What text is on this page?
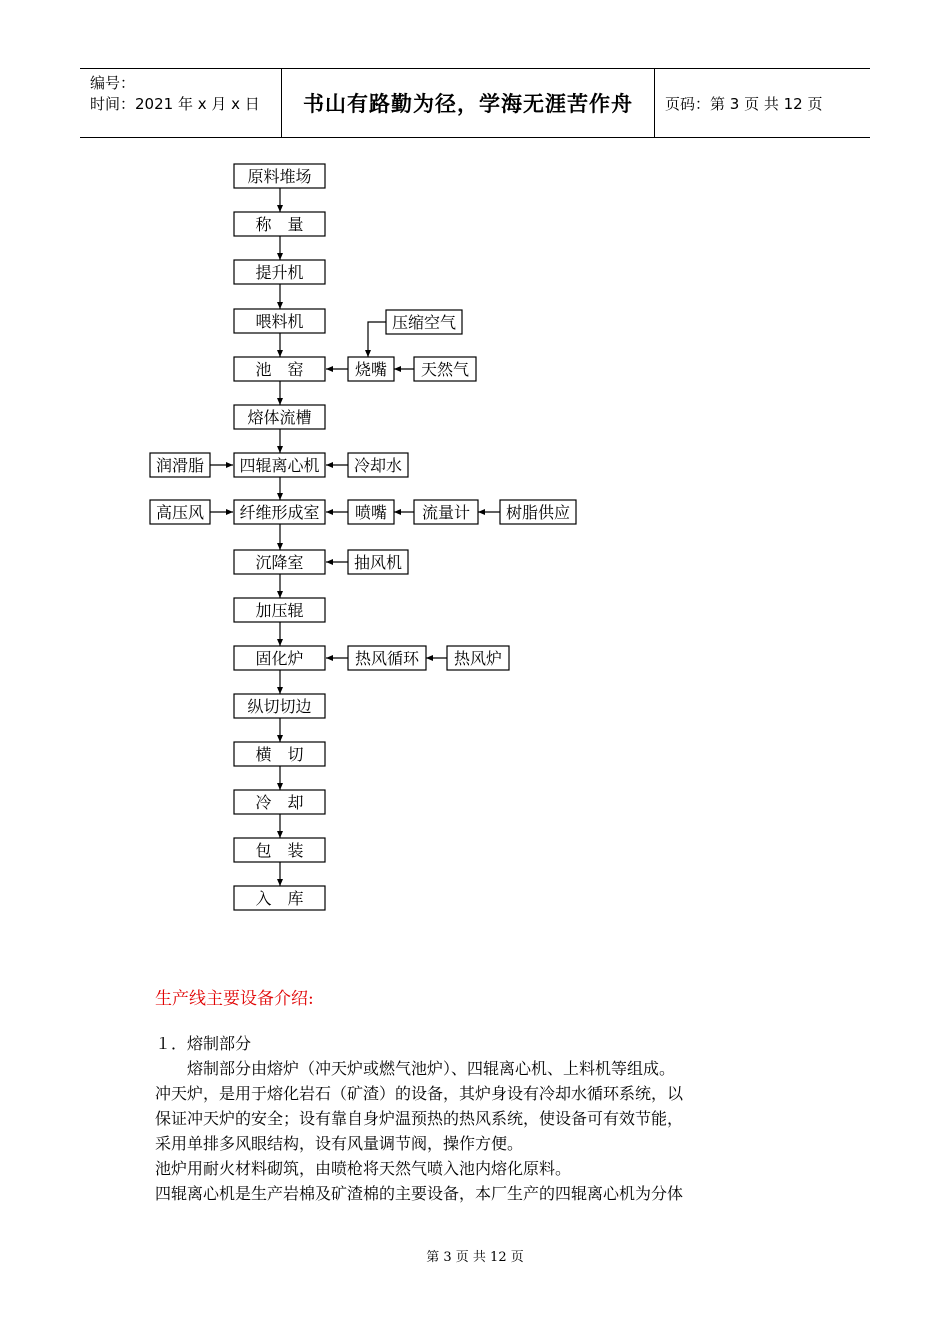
编号：
时间：2021 年 x 月 x 日	书山有路勤为径，学海无涯苦作舟	页码：第 3 页 共 12 页
原料堆场
称　量
提升机
喂料机
池　窑
熔体流槽
四辊离心机
纤维形成室
沉降室
加压辊
固化炉
纵切切边
横　切
冷　却
包　装
入　库
压缩空气
烧嘴 天然气
润滑脂	冷却水
高压风	喷嘴 流量计 树脂供应
抽风机
热风循环 热风炉
生产线主要设备介绍:

１．熔制部分

　　熔制部分由熔炉（冲天炉或燃气池炉）、四辊离心机、上料机等组成。

冲天炉，是用于熔化岩石（矿渣）的设备，其炉身设有冷却水循环系统，以

保证冲天炉的安全；设有靠自身炉温预热的热风系统，使设备可有效节能，

采用单排多风眼结构，设有风量调节阀，操作方便。

池炉用耐火材料砌筑，由喷枪将天然气喷入池内熔化原料。

四辊离心机是生产岩棉及矿渣棉的主要设备，本厂生产的四辊离心机为分体

第 3 页 共 12 页
